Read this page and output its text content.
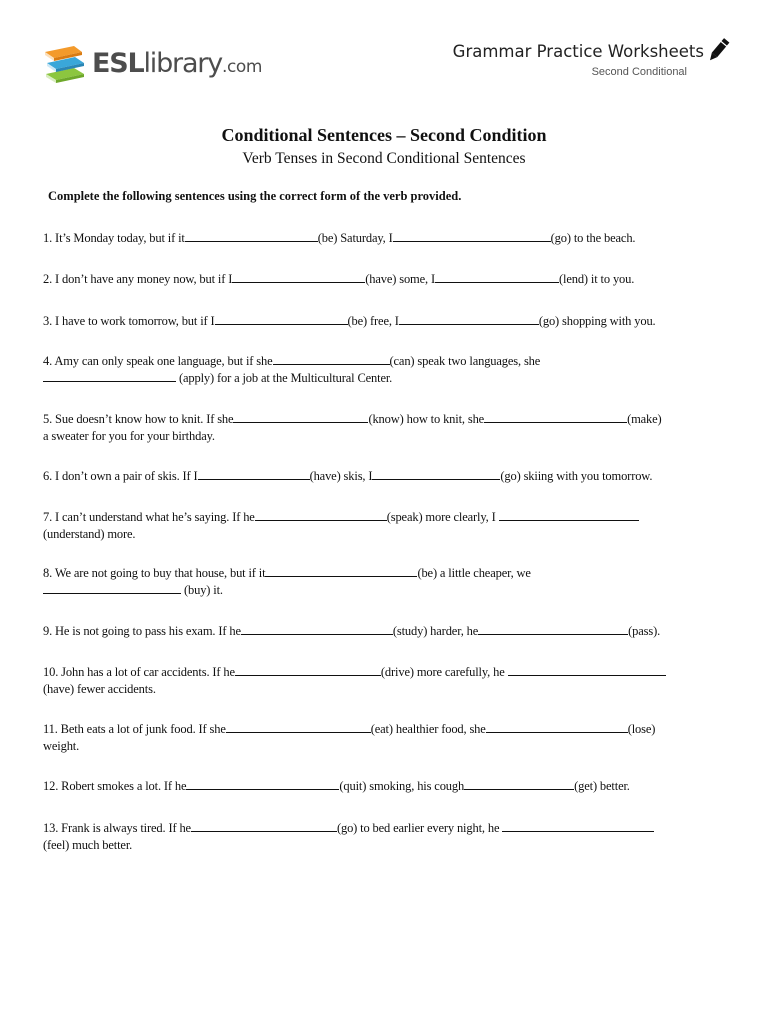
ESLlibrary.com
Grammar Practice Worksheets
Second Conditional
Conditional Sentences – Second Condition
Verb Tenses in Second Conditional Sentences
Complete the following sentences using the correct form of the verb provided.
1. It’s Monday today, but if it	(be) Saturday, I	(go) to the beach.
2. I don’t have any money now, but if I	(have) some, I	(lend) it to you.
3. I have to work tomorrow, but if I	(be) free, I	(go) shopping with you.
4. Amy can only speak one language, but if she	(can) speak two languages, she
(apply) for a job at the Multicultural Center.
5. Sue doesn’t know how to knit. If she	(know) how to knit, she	(make)
a sweater for you for your birthday.
6. I don’t own a pair of skis. If I	(have) skis, I	(go) skiing with you tomorrow.
7. I can’t understand what he’s saying. If he	(speak) more clearly, I
(understand) more.
8. We are not going to buy that house, but if it	(be) a little cheaper, we
(buy) it.
9. He is not going to pass his exam. If he	(study) harder, he	(pass).
10. John has a lot of car accidents. If he	(drive) more carefully, he
(have) fewer accidents.
11. Beth eats a lot of junk food. If she	(eat) healthier food, she	(lose)
weight.
12. Robert smokes a lot. If he	(quit) smoking, his cough	(get) better.
13. Frank is always tired. If he	(go) to bed earlier every night, he
(feel) much better.
